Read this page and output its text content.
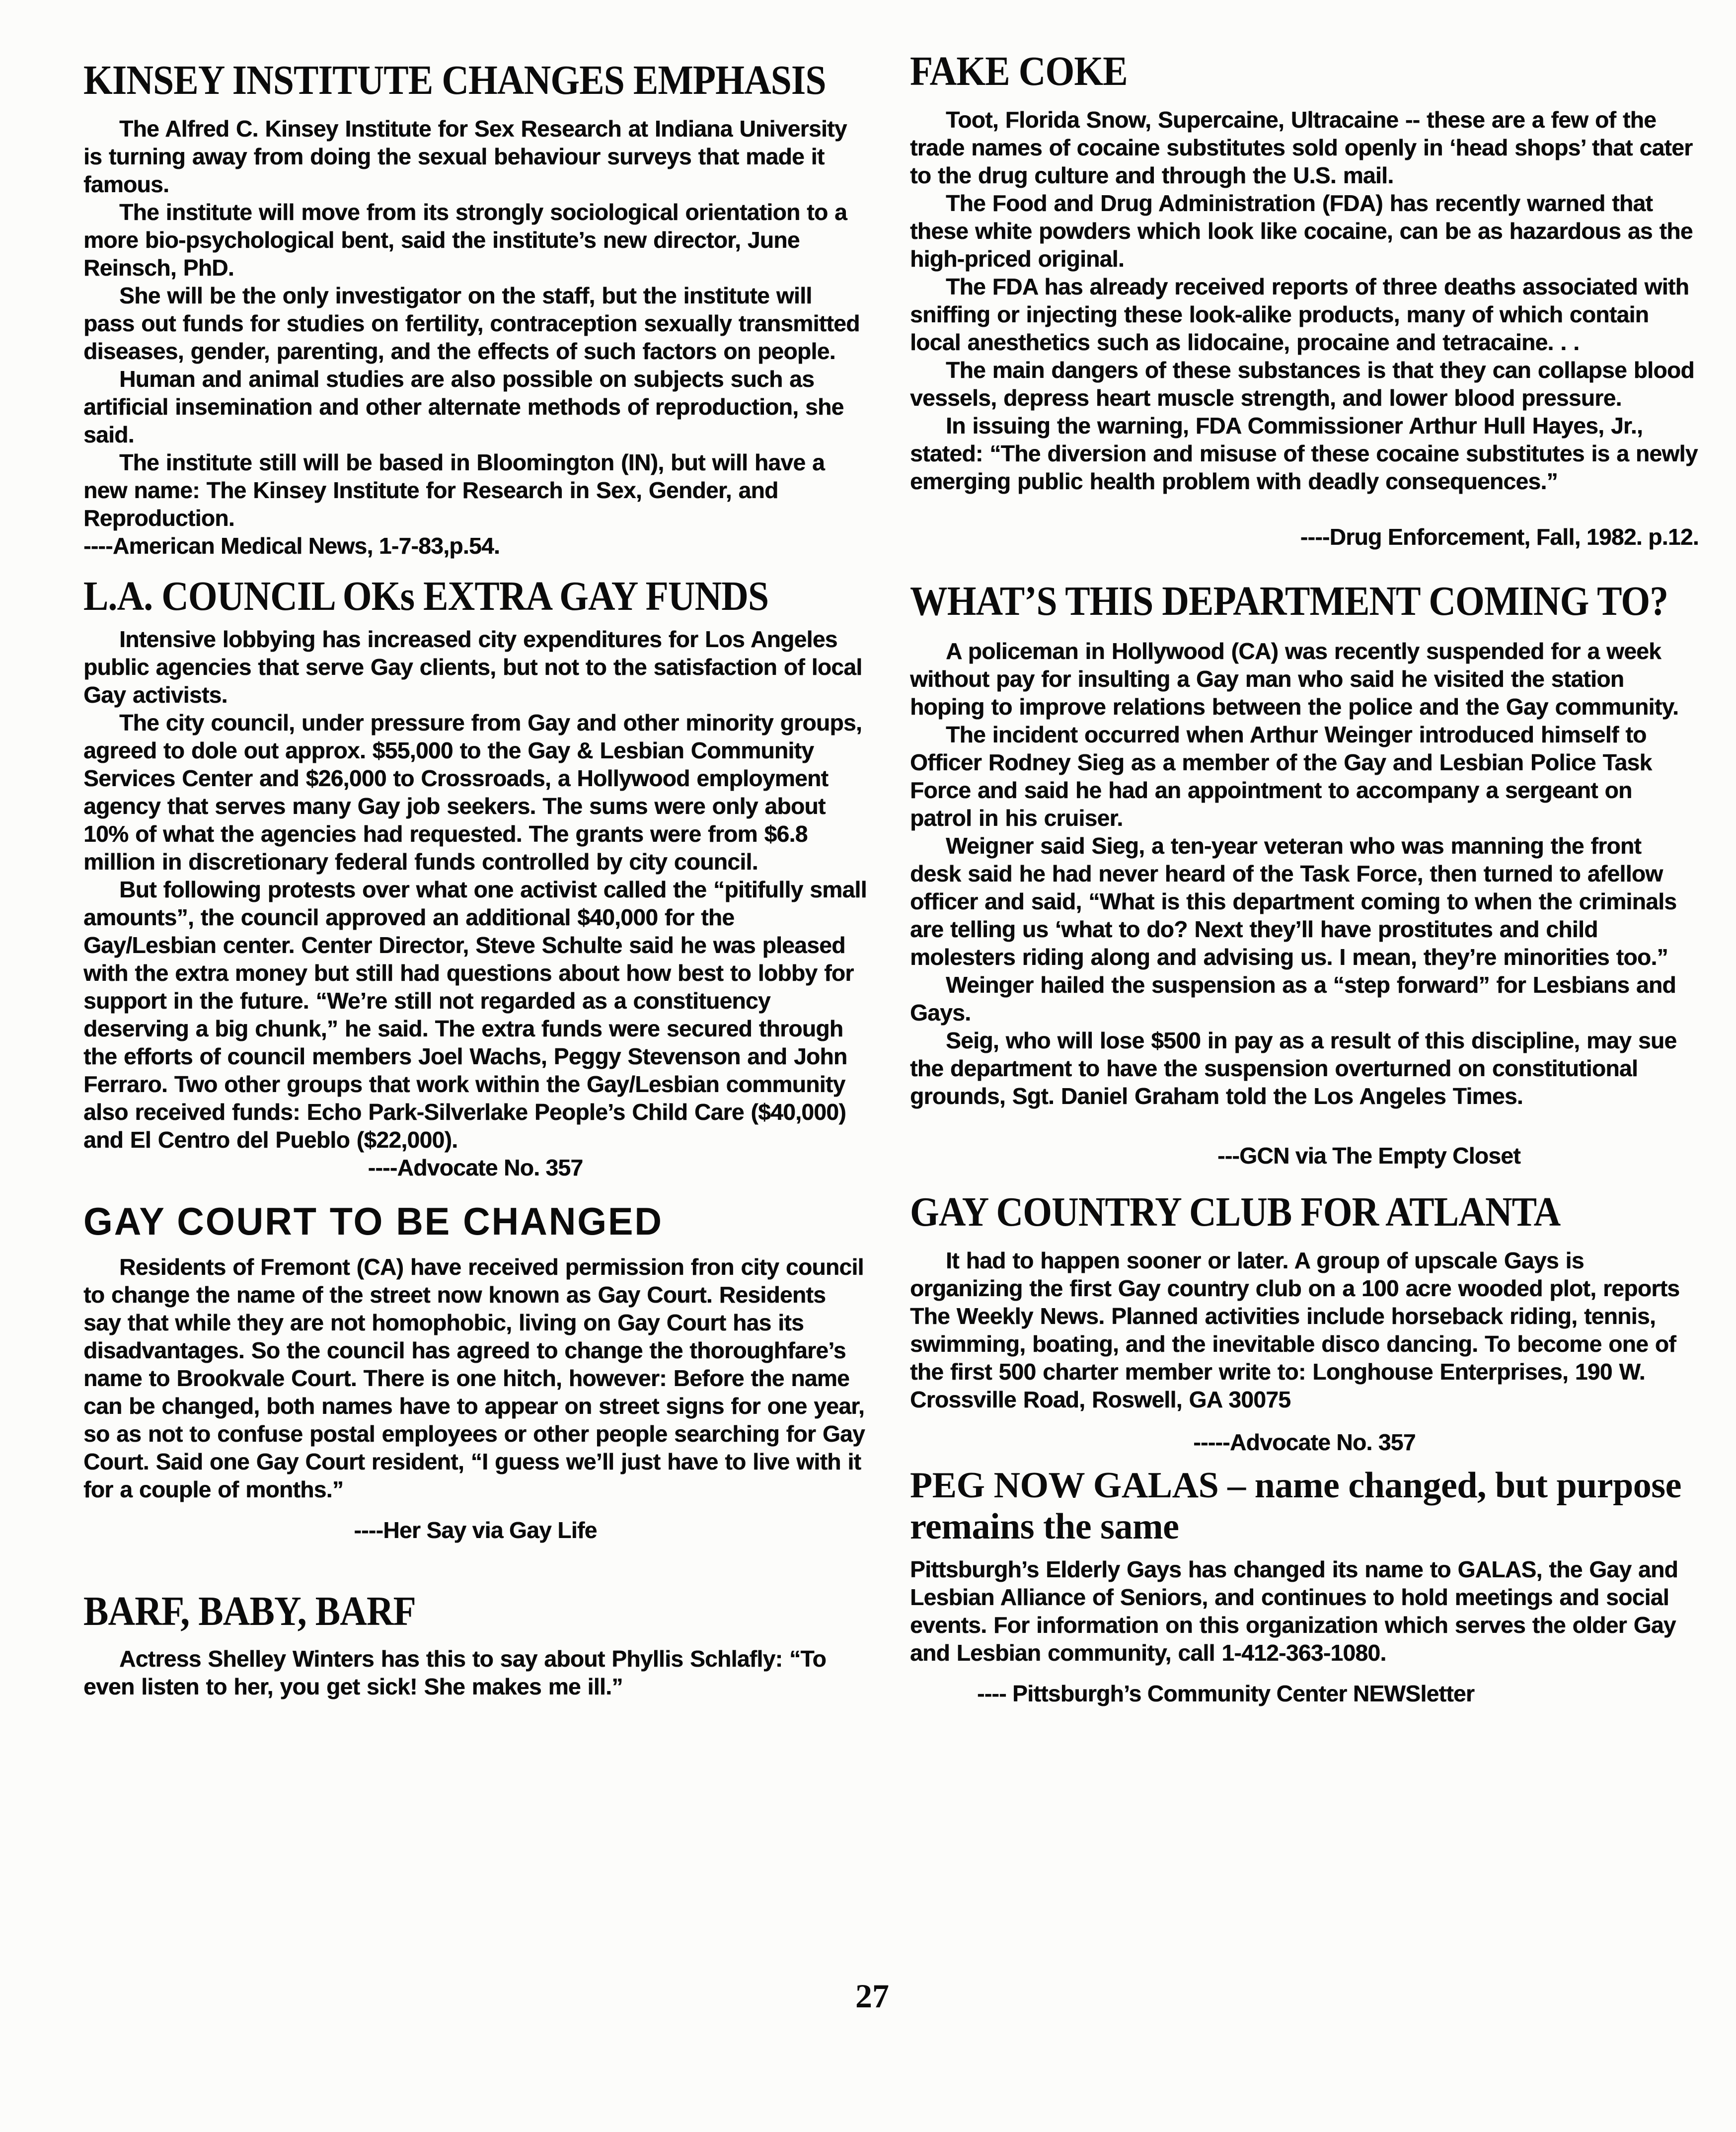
KINSEY INSTITUTE CHANGES EMPHASIS

The Alfred C. Kinsey Institute for Sex Research at Indiana University is turning away from doing the sexual behaviour surveys that made it famous.

The institute will move from its strongly sociological orientation to a more bio-psychological bent, said the institute’s new director, June Reinsch, PhD.

She will be the only investigator on the staff, but the institute will pass out funds for studies on fertility, contraception sexually transmitted diseases, gender, parenting, and the effects of such factors on people.

Human and animal studies are also possible on subjects such as artificial insemination and other alternate methods of reproduction, she said.

The institute still will be based in Bloomington (IN), but will have a new name: The Kinsey Institute for Research in Sex, Gender, and Reproduction.

----American Medical News, 1-7-83,p.54.
L.A. COUNCIL OKs EXTRA GAY FUNDS

Intensive lobbying has increased city expenditures for Los Angeles public agencies that serve Gay clients, but not to the satisfaction of local Gay activists.

The city council, under pressure from Gay and other minority groups, agreed to dole out approx. $55,000 to the Gay & Lesbian Community Services Center and $26,000 to Crossroads, a Hollywood employment agency that serves many Gay job seekers. The sums were only about 10% of what the agencies had requested. The grants were from $6.8 million in discretionary federal funds controlled by city council.

But following protests over what one activist called the “pitifully small amounts”, the council approved an additional $40,000 for the Gay/Lesbian center. Center Director, Steve Schulte said he was pleased with the extra money but still had questions about how best to lobby for support in the future. “We’re still not regarded as a constituency deserving a big chunk,” he said. The extra funds were secured through the efforts of council members Joel Wachs, Peggy Stevenson and John Ferraro. Two other groups that work within the Gay/Lesbian community also received funds: Echo Park-Silverlake People’s Child Care ($40,000) and El Centro del Pueblo ($22,000).

----Advocate No. 357
GAY COURT TO BE CHANGED

Residents of Fremont (CA) have received permission fron city council to change the name of the street now known as Gay Court. Residents say that while they are not homophobic, living on Gay Court has its disadvantages. So the council has agreed to change the thoroughfare’s name to Brookvale Court. There is one hitch, however: Before the name can be changed, both names have to appear on street signs for one year, so as not to confuse postal employees or other people searching for Gay Court. Said one Gay Court resident, “I guess we’ll just have to live with it for a couple of months.”

----Her Say via Gay Life
BARF, BABY, BARF

Actress Shelley Winters has this to say about Phyllis Schlafly: “To even listen to her, you get sick! She makes me ill.”

FAKE COKE

Toot, Florida Snow, Supercaine, Ultracaine -- these are a few of the trade names of cocaine substitutes sold openly in ‘head shops’ that cater to the drug culture and through the U.S. mail.

The Food and Drug Administration (FDA) has recently warned that these white powders which look like cocaine, can be as hazardous as the high-priced original.

The FDA has already received reports of three deaths associated with sniffing or injecting these look-alike products, many of which contain local anesthetics such as lidocaine, procaine and tetracaine. . .

The main dangers of these substances is that they can collapse blood vessels, depress heart muscle strength, and lower blood pressure.

In issuing the warning, FDA Commissioner Arthur Hull Hayes, Jr., stated: “The diversion and misuse of these cocaine substitutes is a newly emerging public health problem with deadly consequences.”

----Drug Enforcement, Fall, 1982. p.12.
WHAT’S THIS DEPARTMENT COMING TO?

A policeman in Hollywood (CA) was recently suspended for a week without pay for insulting a Gay man who said he visited the station hoping to improve relations between the police and the Gay community.

The incident occurred when Arthur Weinger introduced himself to Officer Rodney Sieg as a member of the Gay and Lesbian Police Task Force and said he had an appointment to accompany a sergeant on patrol in his cruiser.

Weigner said Sieg, a ten-year veteran who was manning the front desk said he had never heard of the Task Force, then turned to afellow officer and said, “What is this department coming to when the criminals are telling us ‘what to do? Next they’ll have prostitutes and child molesters riding along and advising us. I mean, they’re minorities too.”

Weinger hailed the suspension as a “step forward” for Lesbians and Gays.

Seig, who will lose $500 in pay as a result of this discipline, may sue the department to have the suspension overturned on constitutional grounds, Sgt. Daniel Graham told the Los Angeles Times.

---GCN via The Empty Closet
GAY COUNTRY CLUB FOR ATLANTA

It had to happen sooner or later. A group of upscale Gays is organizing the first Gay country club on a 100 acre wooded plot, reports The Weekly News. Planned activities include horseback riding, tennis, swimming, boating, and the inevitable disco dancing. To become one of the first 500 charter member write to: Longhouse Enterprises, 190 W. Crossville Road, Roswell, GA 30075

-----Advocate No. 357
PEG NOW GALAS – name changed, but purpose remains the same

Pittsburgh’s Elderly Gays has changed its name to GALAS, the Gay and Lesbian Alliance of Seniors, and continues to hold meetings and social events. For information on this organization which serves the older Gay and Lesbian community, call 1-412-363-1080.

---- Pittsburgh’s Community Center NEWSletter
27
